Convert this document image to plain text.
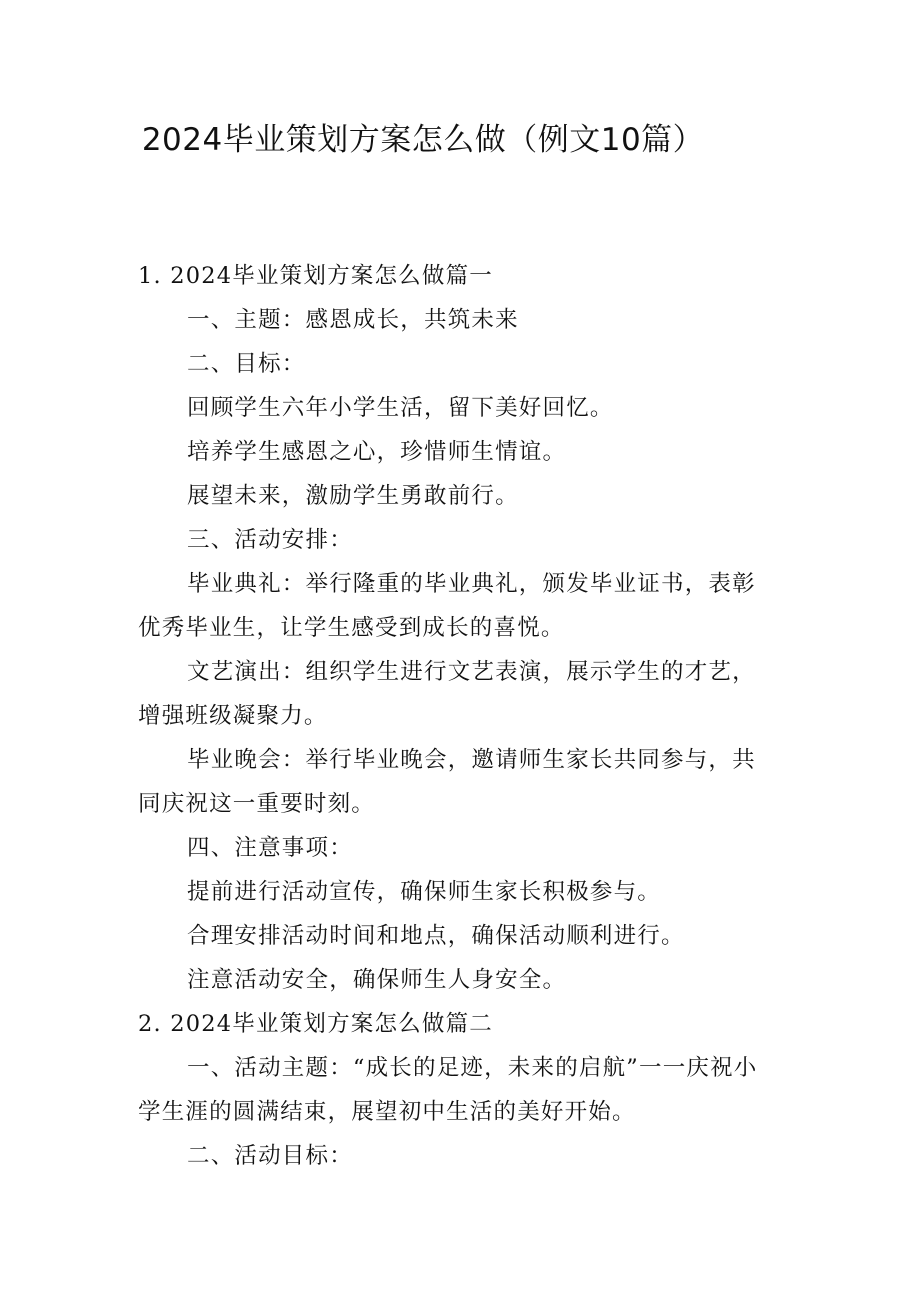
2024毕业策划方案怎么做（例文10篇）

1. 2024毕业策划方案怎么做篇一

一、主题：感恩成长，共筑未来

二、目标：

回顾学生六年小学生活，留下美好回忆。

培养学生感恩之心，珍惜师生情谊。

展望未来，激励学生勇敢前行。

三、活动安排：

毕业典礼：举行隆重的毕业典礼，颁发毕业证书，表彰优秀毕业生，让学生感受到成长的喜悦。

文艺演出：组织学生进行文艺表演，展示学生的才艺，增强班级凝聚力。

毕业晚会：举行毕业晚会，邀请师生家长共同参与，共同庆祝这一重要时刻。

四、注意事项：

提前进行活动宣传，确保师生家长积极参与。

合理安排活动时间和地点，确保活动顺利进行。

注意活动安全，确保师生人身安全。

2. 2024毕业策划方案怎么做篇二

一、活动主题：“成长的足迹，未来的启航”一一庆祝小学生涯的圆满结束，展望初中生活的美好开始。

二、活动目标：
